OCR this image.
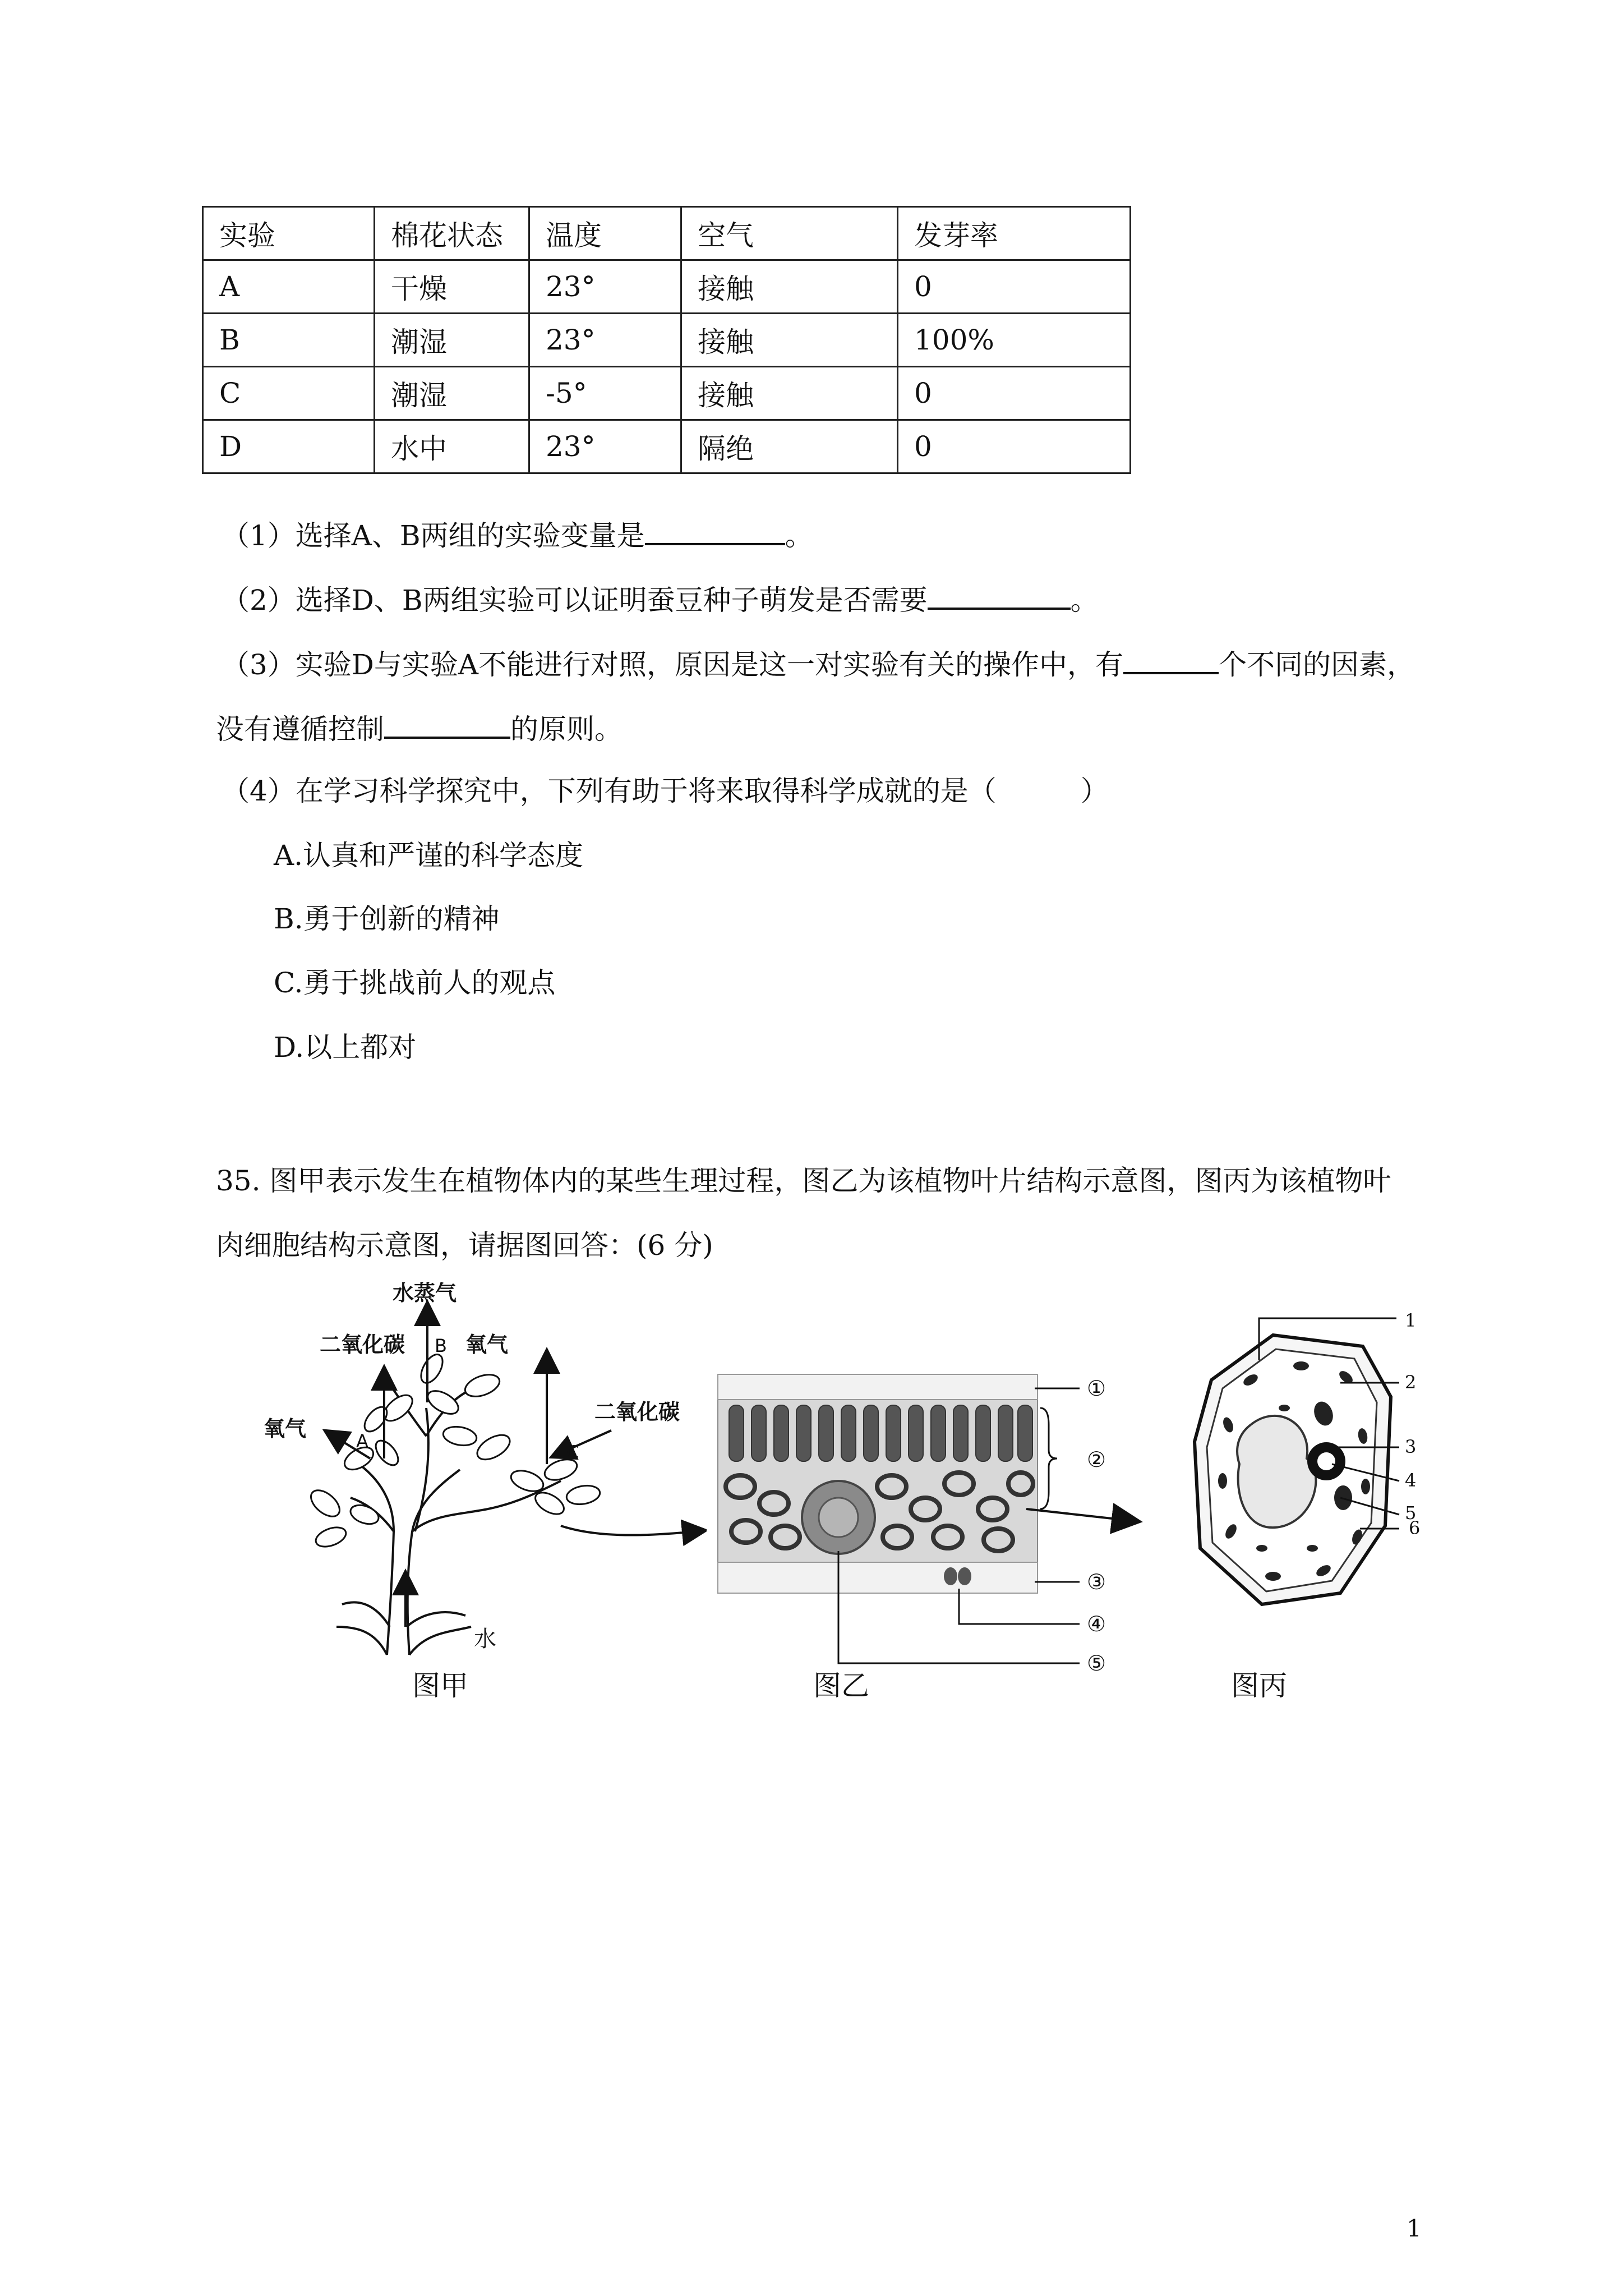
实验	棉花状态	温度	空气	发芽率
A	干燥	23°	接触	0
B	潮湿	23°	接触	100%
C	潮湿	-5°	接触	0
D	水中	23°	隔绝	0
（1）选择A、B两组的实验变量是	。
（2）选择D、B两组实验可以证明蚕豆种子萌发是否需要	。
（3）实验D与实验A不能进行对照，原因是这一对实验有关的操作中，有	个不同的因素，
没有遵循控制	的原则。
（4）在学习科学探究中，下列有助于将来取得科学成就的是（　　　）
A.认真和严谨的科学态度
B.勇于创新的精神
C.勇于挑战前人的观点
D.以上都对
35. 图甲表示发生在植物体内的某些生理过程，图乙为该植物叶片结构示意图，图丙为该植物叶
肉细胞结构示意图，请据图回答：(6 分)
水蒸气
二氧化碳	氧气
氧气
二氧化碳
B
A
C
水
①
②
③
④
⑤
1
2
3
4
5
6
图甲	图乙	图丙
1
